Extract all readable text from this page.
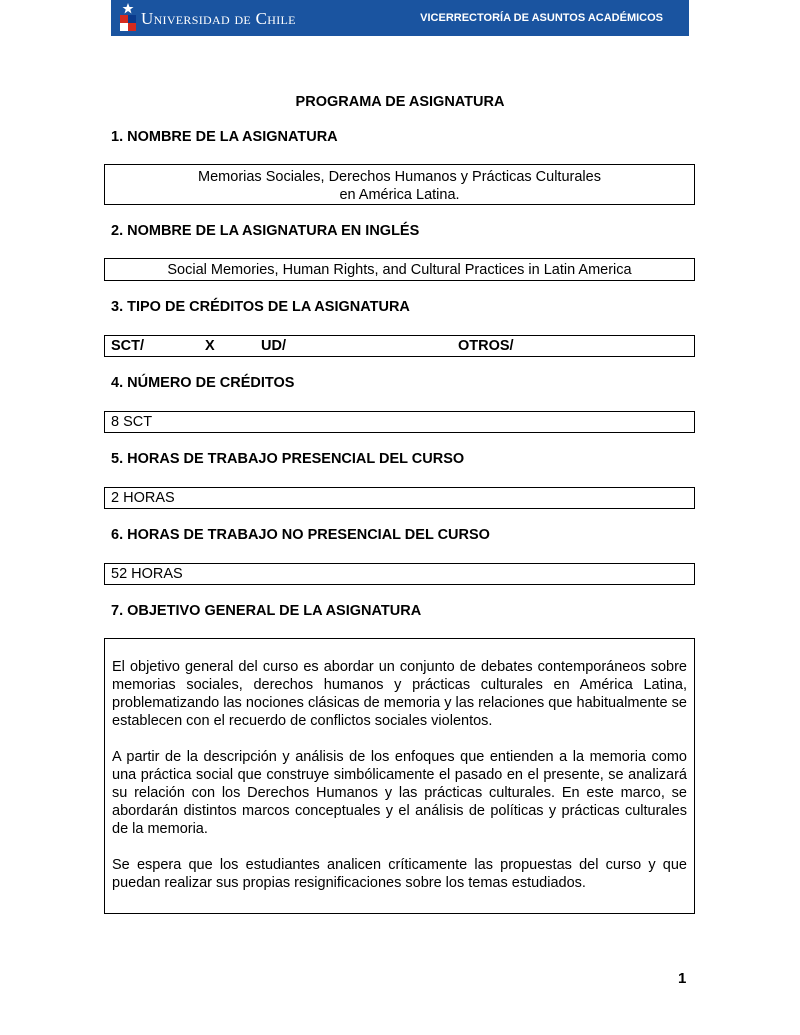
Universidad de Chile	VICERRECTORÍA DE ASUNTOS ACADÉMICOS
PROGRAMA DE ASIGNATURA
1. NOMBRE DE LA ASIGNATURA
Memorias Sociales, Derechos Humanos y Prácticas Culturales
en América Latina.
2. NOMBRE DE LA ASIGNATURA EN INGLÉS
Social Memories, Human Rights, and Cultural Practices in Latin America
3. TIPO DE CRÉDITOS DE LA ASIGNATURA
SCT/	X	UD/	OTROS/
4. NÚMERO DE CRÉDITOS
8 SCT
5. HORAS DE TRABAJO PRESENCIAL DEL CURSO
2 HORAS
6. HORAS DE TRABAJO NO PRESENCIAL DEL CURSO
52 HORAS
7. OBJETIVO GENERAL DE LA ASIGNATURA

El objetivo general del curso es abordar un conjunto de debates contemporáneos sobre memorias sociales, derechos humanos y prácticas culturales en América Latina, problematizando las nociones clásicas de memoria y las relaciones que habitualmente se establecen con el recuerdo de conflictos sociales violentos.

A partir de la descripción y análisis de los enfoques que entienden a la memoria como una práctica social que construye simbólicamente el pasado en el presente, se analizará su relación con los Derechos Humanos y las prácticas culturales. En este marco, se abordarán distintos marcos conceptuales y el análisis de políticas y prácticas culturales de la memoria.

Se espera que los estudiantes analicen críticamente las propuestas del curso y que puedan realizar sus propias resignificaciones sobre los temas estudiados.

1
